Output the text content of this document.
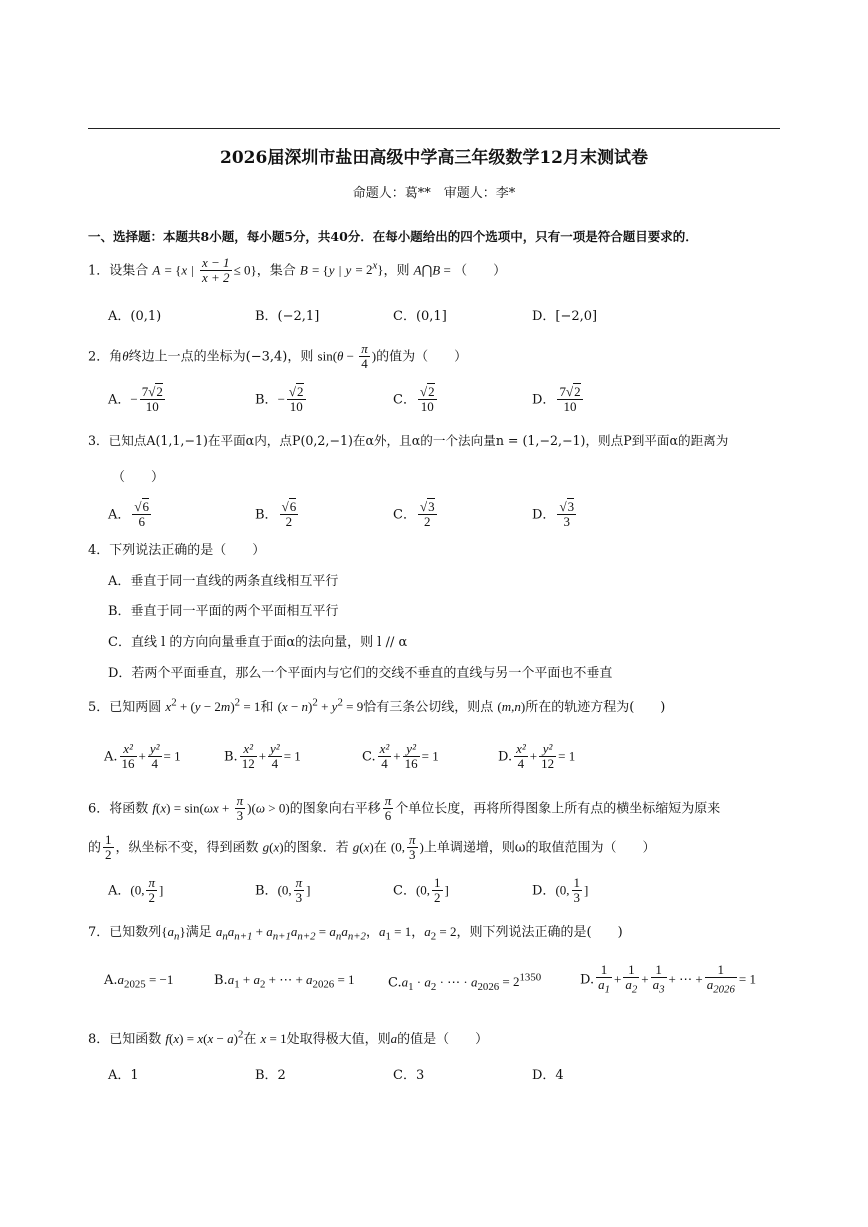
2026届深圳市盐田高级中学高三年级数学12月末测试卷
命题人：葛**　审题人：李*
一、选择题：本题共8小题，每小题5分，共40分．在每小题给出的四个选项中，只有一项是符合题目要求的．
1．设集合 A = {x | $\frac{x - 1}{x + 2} \le 0$}，集合 B = {y | $y = 2^x$}，则 A⋂B = （　　）
A．(0,1)	B．(−2,1]	C．(0,1]	D．[−2,0]
2．角θ终边上一点的坐标为(−3,4)，则 $\sin(\theta - \frac{\pi}{4}$ )的值为（　　）
A．− $\frac{7√2}{10}$	B．− $\frac{√2}{10}$	C． $\frac{√2}{10}$	D． $\frac{7√2}{10}$
3．已知点A(1,1,−1)在平面α内，点P(0,2,−1)在α外，且α的一个法向量n = (1,−2,−1)，则点P到平面α的距离为
（　　）
A． $\frac{√6}{6}$	B． $\frac{√6}{2}$	C． $\frac{√3}{2}$	D． $\frac{√3}{3}$
4．下列说法正确的是（　　）
A．垂直于同一直线的两条直线相互平行
B．垂直于同一平面的两个平面相互平行
C．直线 l 的方向向量垂直于面α的法向量，则 l // α
D．若两个平面垂直，那么一个平面内与它们的交线不垂直的直线与另一个平面也不垂直
5．已知两圆 $x^2 + (y - 2m)^2 = 1$和 $(x - n)^2 + y^2 = 9$恰有三条公切线，则点 (m,n)所在的轨迹方程为(　　)
A. $\frac{\text{x²}}{16} + \frac{\text{y²}}{4} = 1$	B. $\frac{\text{x²}}{12} + \frac{\text{y²}}{4} = 1$	C. $\frac{\text{x²}}{4} + \frac{\text{y²}}{16} = 1$	D. $\frac{\text{x²}}{4} + \frac{\text{y²}}{12} = 1$
6．将函数 $f(x) = \sin(\omega x + \frac{\pi}{3} )(\omega > 0)$的图象向右平移 $\frac{\pi}{6}$ 个单位长度，再将所得图象上所有点的横坐标缩短为原来
的 $\frac{1}{2}$ ，纵坐标不变，得到函数 g(x)的图象．若 g(x)在 (0, $\frac{\pi}{3}$ )上单调递增，则ω的取值范围为（　　）
A．(0, $\frac{\pi}{2}$ ]	B．(0, $\frac{\pi}{3}$ ]	C．(0, $\frac{1}{2}$ ]	D．(0, $\frac{1}{3}$ ]
7．已知数列$\{a_n\}$满足 $a_na_{n+1} + a_{n+1}a_{n+2} = a_na_{n+2}$，$a_1 = 1$，$a_2 = 2$，则下列说法正确的是(　　)
$A.a_{2025} = -1$	$B.a_1 + a_2$ + ⋯ + $a_{2026} = 1$	$C.a_1 \cdot a_2$ · ⋯ · $a_{2026} = 2^{1350}$	D. $\frac{1}{a_1} + \frac{1}{a_2} + \frac{1}{a_3}$ + ⋯ + $\frac{1}{a_{2026}} = 1$
8．已知函数 $f(x) = x(x - a)^2$在 x = 1处取得极大值，则a的值是（　　）
A．1	B．2	C．3	D．4
